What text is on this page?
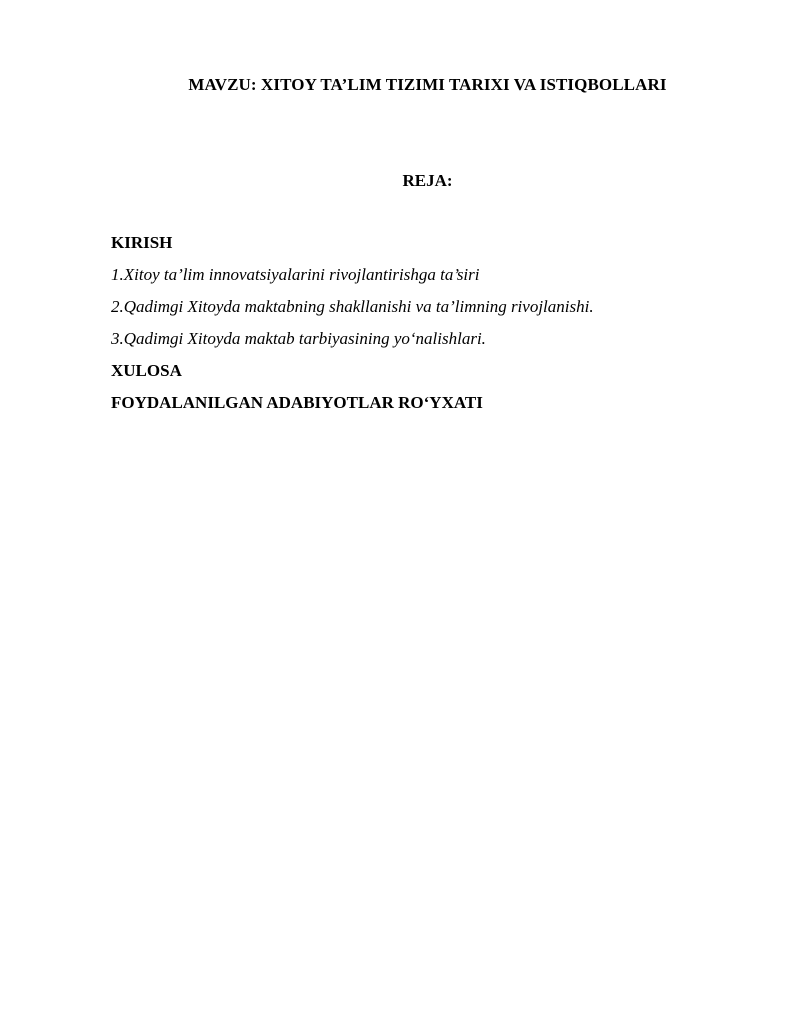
MAVZU: XITOY TA’LIM TIZIMI TARIXI VA ISTIQBOLLARI
REJA:
KIRISH
1.Xitoy ta’lim innovatsiyalarini rivojlantirishga ta’siri
2.Qadimgi Xitoyda maktabning shakllanishi va ta’limning rivojlanishi.
3.Qadimgi Xitoyda maktab tarbiyasining yo‘nalishlari.
XULOSA
FOYDALANILGAN ADABIYOTLAR RO‘YXATI
